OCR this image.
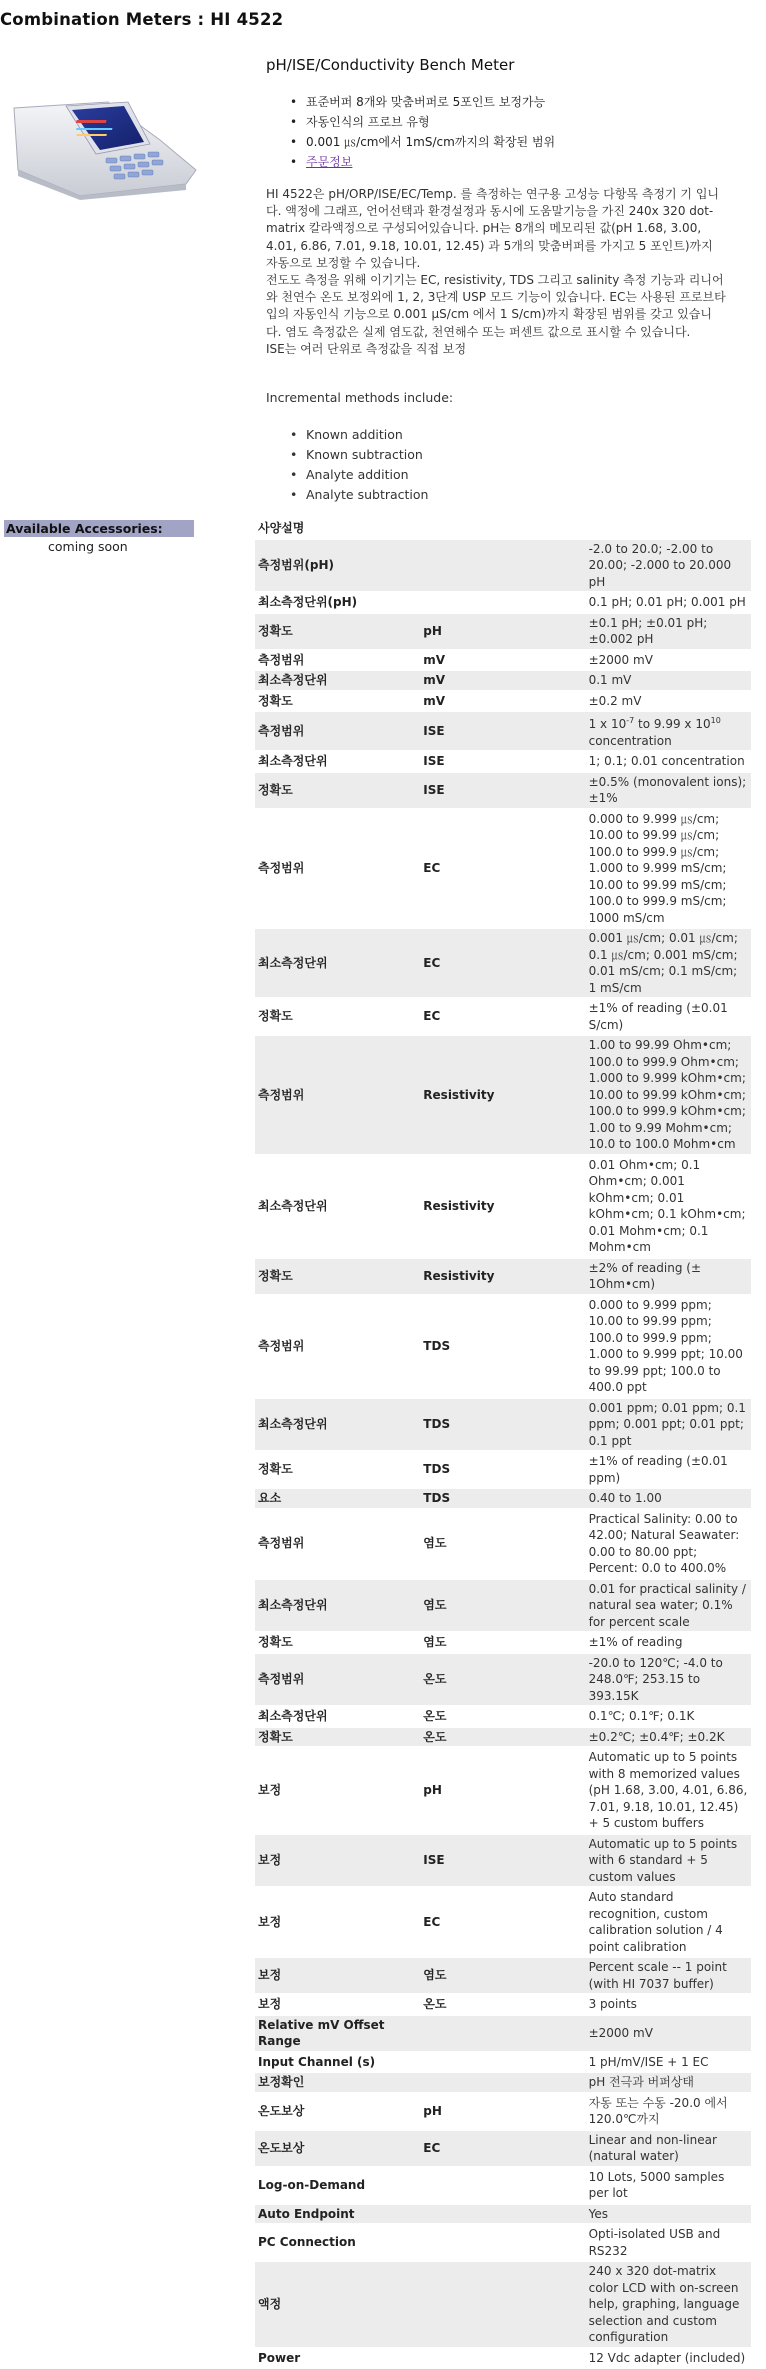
Combination Meters : HI 4522
pH/ISE/Conductivity Bench Meter
• 표준버퍼 8개와 맞춤버퍼로 5포인트 보정가능
• 자동인식의 프로브 유형
• 0.001 ㎲/cm에서 1mS/cm까지의 확장된 범위
• 주문정보

HI 4522은 pH/ORP/ISE/EC/Temp. 를 측정하는 연구용 고성능 다항목 측정기 기 입니다. 액정에 그래프, 언어선택과 환경설정과 동시에 도움말기능을 가진 240x 320 dot-matrix 칼라액정으로 구성되어있습니다. pH는 8개의 메모리된 값(pH 1.68, 3.00, 4.01, 6.86, 7.01, 9.18, 10.01, 12.45) 과 5개의 맞춤버퍼를 가지고 5 포인트)까지 자동으로 보정할 수 있습니다.

전도도 측정을 위해 이기기는 EC, resistivity, TDS 그리고 salinity 측정 기능과 리니어와 천연수 온도 보정외에 1, 2, 3단계 USP 모드 기능이 있습니다. EC는 사용된 프로브타입의 자동인식 기능으로 0.001 µS/cm 에서 1 S/cm)까지 확장된 범위를 갖고 있습니다. 염도 측정값은 실제 염도값, 천연해수 또는 퍼센트 값으로 표시할 수 있습니다.

ISE는 여러 단위로 측정값을 직접 보정

Incremental methods include:
• Known addition
• Known subtraction
• Analyte addition
• Analyte subtraction
Available Accessories:
coming soon
사양설명		
측정범위(pH)		-2.0 to 20.0; -2.00 to 20.00; -2.000 to 20.000 pH
최소측정단위(pH)		0.1 pH; 0.01 pH; 0.001 pH
정확도	pH	±0.1 pH; ±0.01 pH; ±0.002 pH
측정범위	mV	±2000 mV
최소측정단위	mV	0.1 mV
정확도	mV	±0.2 mV
측정범위	ISE	1 x $10^{-7}$ to 9.99 x $10^{10}$ concentration
최소측정단위	ISE	1; 0.1; 0.01 concentration
정확도	ISE	±0.5% (monovalent ions); ±1%
측정범위	EC	0.000 to 9.999 ㎲/cm; 10.00 to 99.99 ㎲/cm; 100.0 to 999.9 ㎲/cm; 1.000 to 9.999 mS/cm; 10.00 to 99.99 mS/cm; 100.0 to 999.9 mS/cm; 1000 mS/cm
최소측정단위	EC	0.001 ㎲/cm; 0.01 ㎲/cm; 0.1 ㎲/cm; 0.001 mS/cm; 0.01 mS/cm; 0.1 mS/cm; 1 mS/cm
정확도	EC	±1% of reading (±0.01 S/cm)
측정범위	Resistivity	1.00 to 99.99 Ohm•cm; 100.0 to 999.9 Ohm•cm; 1.000 to 9.999 kOhm•cm; 10.00 to 99.99 kOhm•cm; 100.0 to 999.9 kOhm•cm; 1.00 to 9.99 Mohm•cm; 10.0 to 100.0 Mohm•cm
최소측정단위	Resistivity	0.01 Ohm•cm; 0.1 Ohm•cm; 0.001 kOhm•cm; 0.01 kOhm•cm; 0.1 kOhm•cm; 0.01 Mohm•cm; 0.1 Mohm•cm
정확도	Resistivity	±2% of reading (± 1Ohm•cm)
측정범위	TDS	0.000 to 9.999 ppm; 10.00 to 99.99 ppm; 100.0 to 999.9 ppm; 1.000 to 9.999 ppt; 10.00 to 99.99 ppt; 100.0 to 400.0 ppt
최소측정단위	TDS	0.001 ppm; 0.01 ppm; 0.1 ppm; 0.001 ppt; 0.01 ppt; 0.1 ppt
정확도	TDS	±1% of reading (±0.01 ppm)
요소	TDS	0.40 to 1.00
측정범위	염도	Practical Salinity: 0.00 to 42.00; Natural Seawater: 0.00 to 80.00 ppt; Percent: 0.0 to 400.0%
최소측정단위	염도	0.01 for practical salinity / natural sea water; 0.1% for percent scale
정확도	염도	±1% of reading
측정범위	온도	-20.0 to 120℃; -4.0 to 248.0℉; 253.15 to 393.15K
최소측정단위	온도	0.1℃; 0.1℉; 0.1K
정확도	온도	±0.2℃; ±0.4℉; ±0.2K
보정	pH	Automatic up to 5 points with 8 memorized values (pH 1.68, 3.00, 4.01, 6.86, 7.01, 9.18, 10.01, 12.45) + 5 custom buffers
보정	ISE	Automatic up to 5 points with 6 standard + 5 custom values
보정	EC	Auto standard recognition, custom calibration solution / 4 point calibration
보정	염도	Percent scale -- 1 point (with HI 7037 buffer)
보정	온도	3 points
Relative mV Offset Range		±2000 mV
Input Channel (s)		1 pH/mV/ISE + 1 EC
보정확인		pH 전극과 버퍼상태
온도보상	pH	자동 또는 수동 -20.0 에서 120.0℃까지
온도보상	EC	Linear and non-linear (natural water)
Log-on-Demand		10 Lots, 5000 samples per lot
Auto Endpoint		Yes
PC Connection		Opti-isolated USB and RS232
액정		240 x 320 dot-matrix color LCD with on-screen help, graphing, language selection and custom configuration
Power		12 Vdc adapter (included)
